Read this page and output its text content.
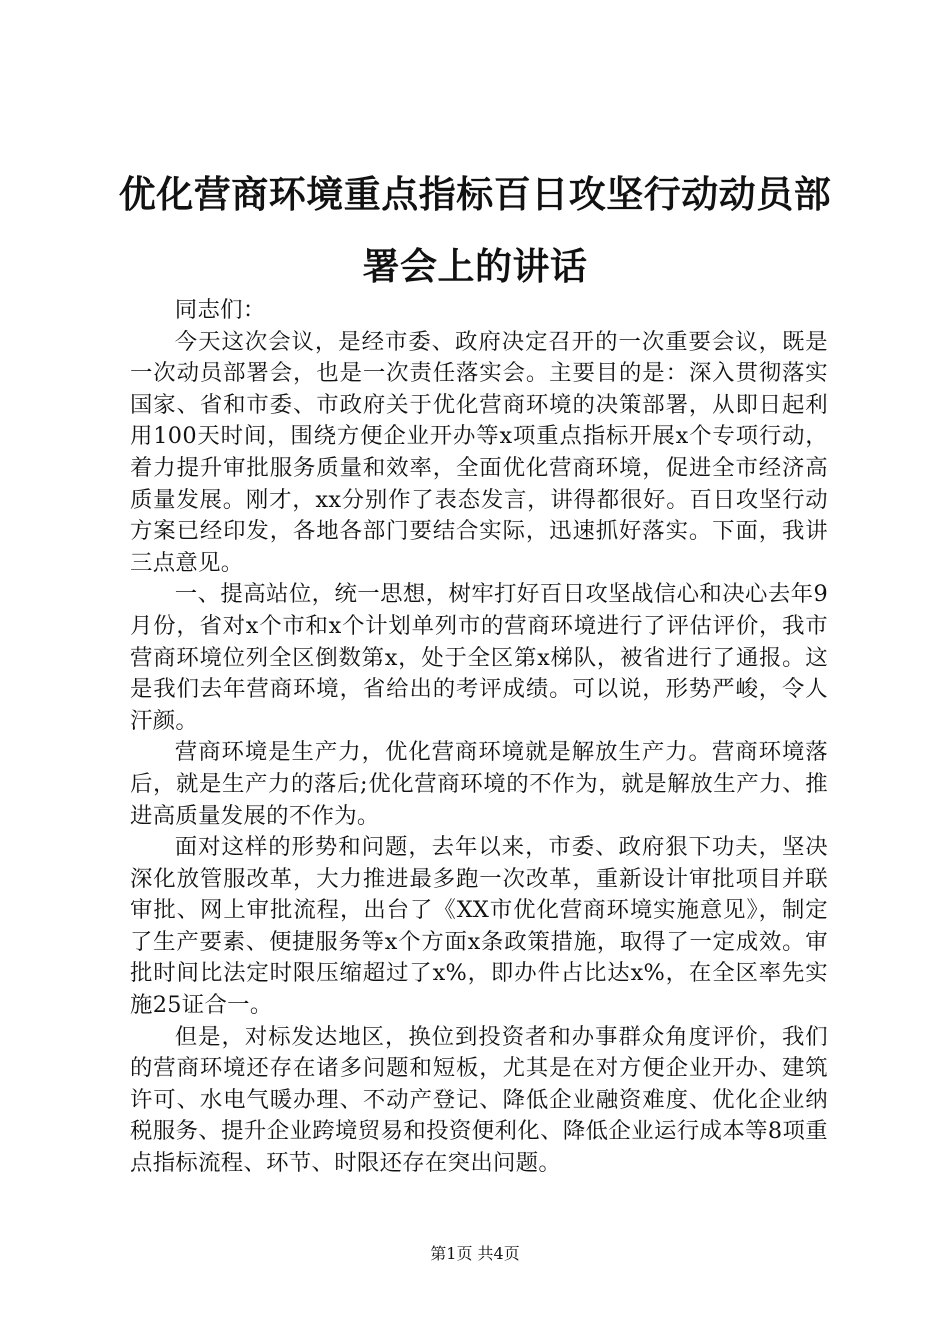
优化营商环境重点指标百日攻坚行动动员部署会上的讲话

同志们：

今天这次会议，是经市委、政府决定召开的一次重要会议，既是一次动员部署会，也是一次责任落实会。主要目的是：深入贯彻落实国家、省和市委、市政府关于优化营商环境的决策部署，从即日起利用100天时间，围绕方便企业开办等x项重点指标开展x个专项行动，着力提升审批服务质量和效率，全面优化营商环境，促进全市经济高质量发展。刚才，xx分别作了表态发言，讲得都很好。百日攻坚行动方案已经印发，各地各部门要结合实际，迅速抓好落实。下面，我讲三点意见。

一、提高站位，统一思想，树牢打好百日攻坚战信心和决心去年9月份，省对x个市和x个计划单列市的营商环境进行了评估评价，我市营商环境位列全区倒数第x，处于全区第x梯队，被省进行了通报。这是我们去年营商环境，省给出的考评成绩。可以说，形势严峻，令人汗颜。

营商环境是生产力，优化营商环境就是解放生产力。营商环境落后，就是生产力的落后;优化营商环境的不作为，就是解放生产力、推进高质量发展的不作为。

面对这样的形势和问题，去年以来，市委、政府狠下功夫，坚决深化放管服改革，大力推进最多跑一次改革，重新设计审批项目并联审批、网上审批流程，出台了《XX市优化营商环境实施意见》，制定了生产要素、便捷服务等x个方面x条政策措施，取得了一定成效。审批时间比法定时限压缩超过了x%，即办件占比达x%，在全区率先实施25证合一。

但是，对标发达地区，换位到投资者和办事群众角度评价，我们的营商环境还存在诸多问题和短板，尤其是在对方便企业开办、建筑许可、水电气暖办理、不动产登记、降低企业融资难度、优化企业纳税服务、提升企业跨境贸易和投资便利化、降低企业运行成本等8项重点指标流程、环节、时限还存在突出问题。

第1页 共4页
